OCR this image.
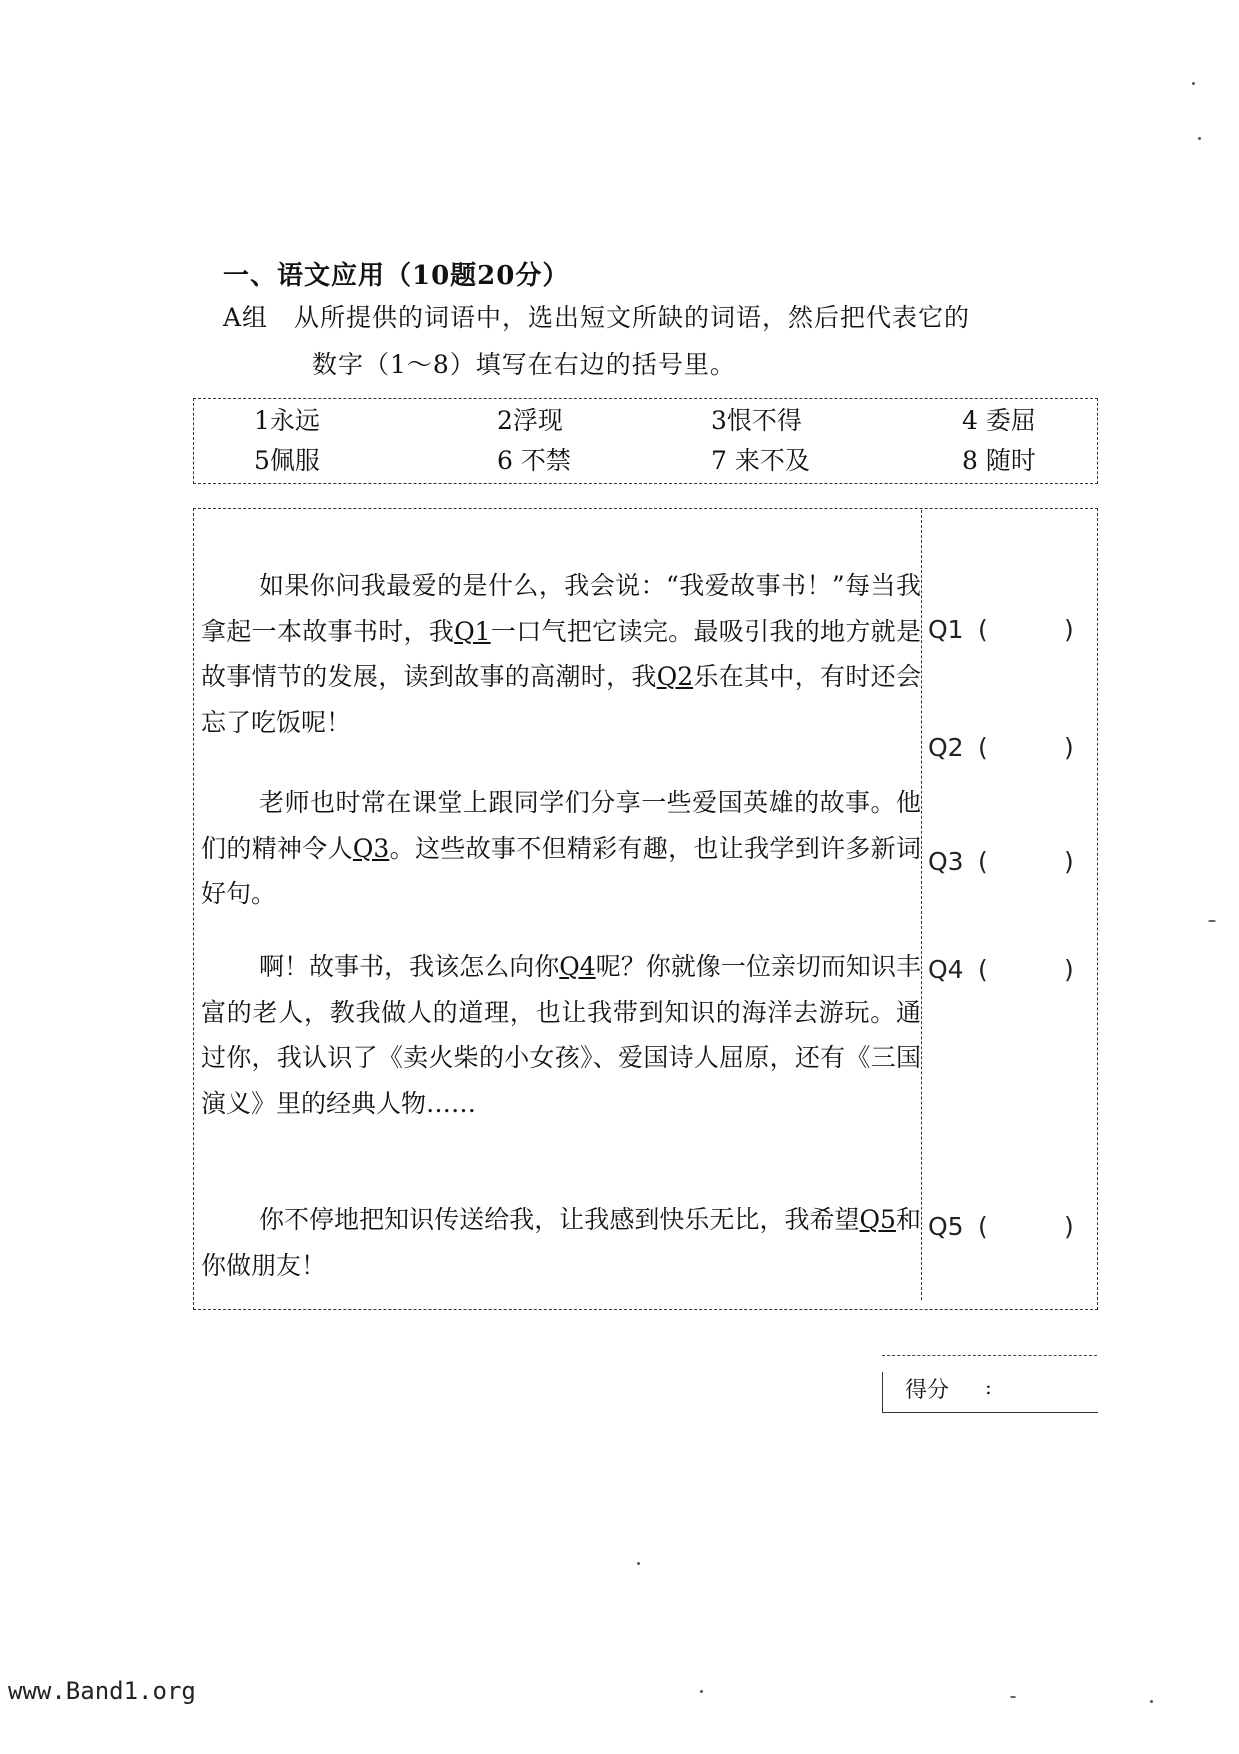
一、语文应用（10题20分）
A组　从所提供的词语中，选出短文所缺的词语，然后把代表它的
数字（1～8）填写在右边的括号里。
1永远	2浮现	3恨不得	4 委屈
5佩服	6 不禁	7 来不及	8 随时
如果你问我最爱的是什么，我会说：“我爱故事书！”每当我拿起一本故事书时，我Q1一口气把它读完。最吸引我的地方就是故事情节的发展，读到故事的高潮时，我Q2乐在其中，有时还会忘了吃饭呢！
老师也时常在课堂上跟同学们分享一些爱国英雄的故事。他们的精神令人Q3。这些故事不但精彩有趣，也让我学到许多新词好句。
啊！故事书，我该怎么向你Q4呢？你就像一位亲切而知识丰富的老人，教我做人的道理，也让我带到知识的海洋去游玩。通过你，我认识了《卖火柴的小女孩》、爱国诗人屈原，还有《三国演义》里的经典人物……
你不停地把知识传送给我，让我感到快乐无比，我希望Q5和你做朋友！
Q1 (	)
Q2 (	)
Q3 (	)
Q4 (	)
Q5 (	)
得分 :
www.Band1.org
